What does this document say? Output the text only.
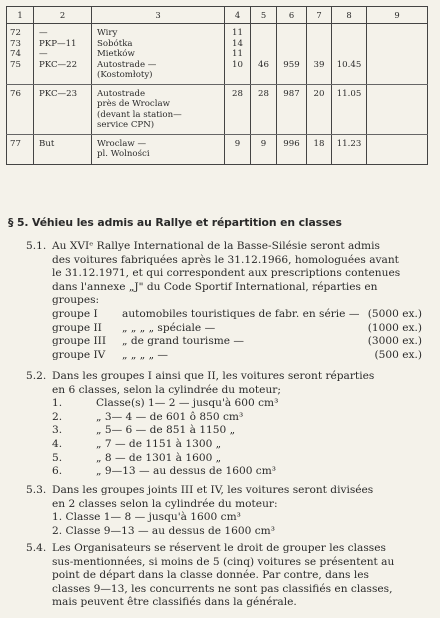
1	2	3	4	5	6	7	8	9

72	—	Wiry	11					
73	PKP—11	Sobótka	14					
74	—	Mietków	11					
75	PKC—22	Autostrade —
(Kostomłoty)	10	46	959	39	10.45	

76	PKC—23	Autostrade
près de Wroclaw
(devant la station—
service CPN)	28	28	987	20	11.05	

77	But	Wroclaw —
pl. Wolności	9	9	996	18	11.23	

§ 5. Véhieu les admis au Rallye et répartition en classes
5.1. Au XVIᵉ Rallye International de la Basse-Silésie seront admis
des voitures fabriquées après le 31.12.1966, homologuées avant
le 31.12.1971, et qui correspondent aux prescriptions contenues
dans l'annexe „J" du Code Sportif International, réparties en
groupes:
groupe I	automobiles touristiques de fabr. en série — (5000 ex.)
groupe II	„ „ „ „ spéciale —	(1000 ex.)
groupe III	„ de grand tourisme —	(3000 ex.)
groupe IV	„ „ „ „ —	(500 ex.)
5.2. Dans les groupes I ainsi que II, les voitures seront réparties
en 6 classes, selon la cylindrée du moteur;
1.	Classe(s) 1— 2 — jusqu'à 600 cm³
2.	„ 3— 4 — de 601 ô 850 cm³
3.	„ 5— 6 — de 851 à 1150 „
4.	„ 7 — de 1151 à 1300 „
5.	„ 8 — de 1301 à 1600 „
6.	„ 9—13 — au dessus de 1600 cm³
5.3. Dans les groupes joints III et IV, les voitures seront divisées
en 2 classes selon la cylindrée du moteur:
1. Classe 1— 8 — jusqu'à 1600 cm³
2. Classe 9—13 — au dessus de 1600 cm³
5.4. Les Organisateurs se réservent le droit de grouper les classes
sus-mentionnées, si moins de 5 (cinq) voitures se présentent au
point de départ dans la classe donnée. Par contre, dans les
classes 9—13, les concurrents ne sont pas classifiés en classes,
mais peuvent être classifiés dans la générale.
